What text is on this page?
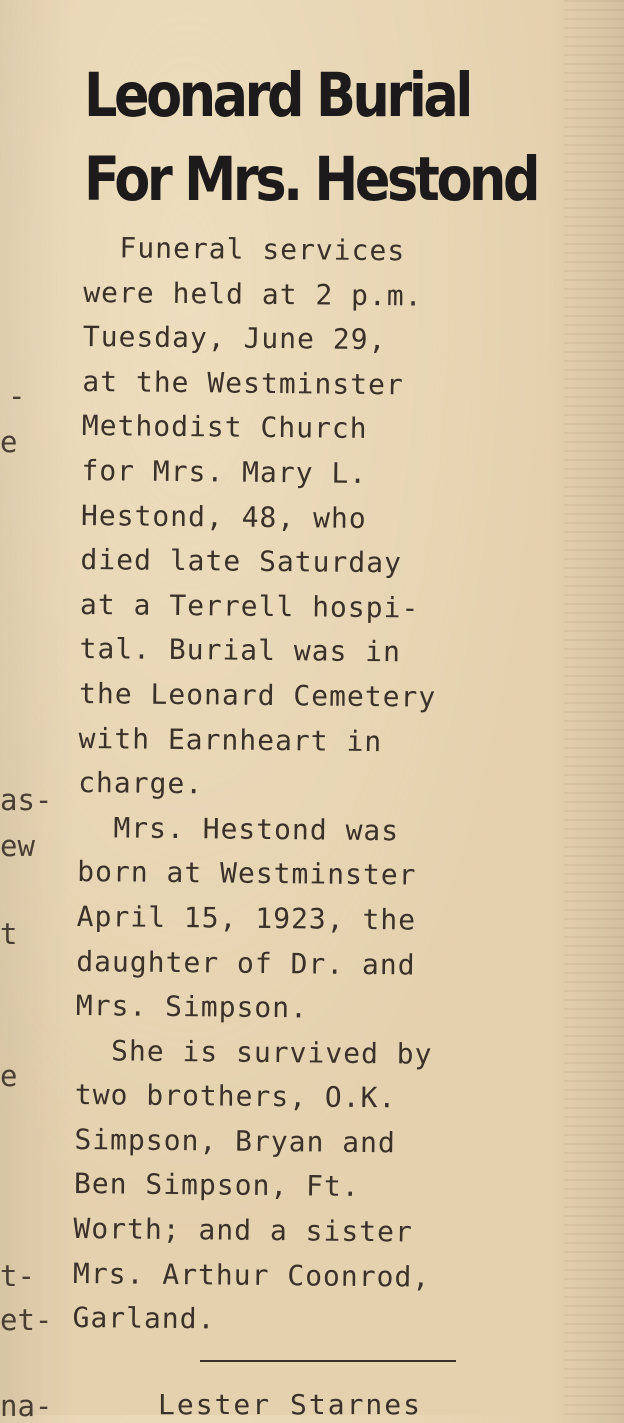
-
e
as-
ew
t
e
t-
et-
na-
Leonard Burial
For Mrs. Hestond

Funeral services
were held at 2 p.m.
Tuesday, June 29,
at the Westminster
Methodist Church
for Mrs. Mary L.
Hestond, 48, who
died late Saturday
at a Terrell hospi-
tal. Burial was in
the Leonard Cemetery
with Earnheart in
charge.

Mrs. Hestond was
born at Westminster
April 15, 1923, the
daughter of Dr. and
Mrs. Simpson.

She is survived by
two brothers, O.K.
Simpson, Bryan and
Ben Simpson, Ft.
Worth; and a sister
Mrs. Arthur Coonrod,
Garland.

Lester Starnes
